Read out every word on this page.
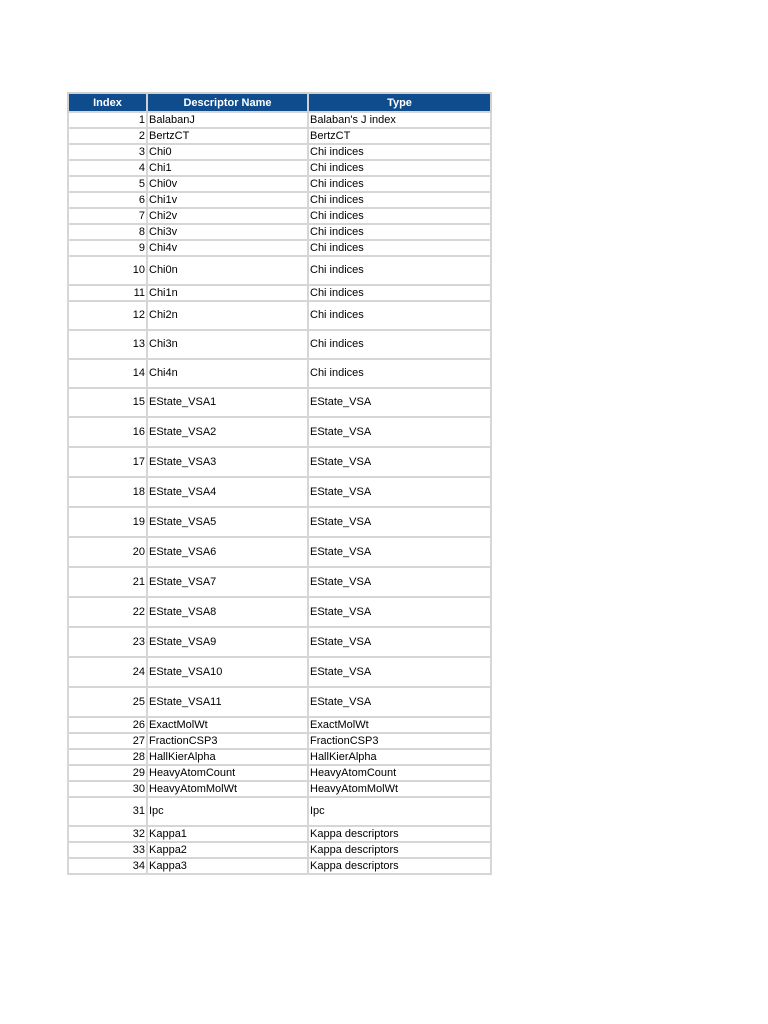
Index	Descriptor Name	Type
1	BalabanJ	Balaban's J index
2	BertzCT	BertzCT
3	Chi0	Chi indices
4	Chi1	Chi indices
5	Chi0v	Chi indices
6	Chi1v	Chi indices
7	Chi2v	Chi indices
8	Chi3v	Chi indices
9	Chi4v	Chi indices
10	Chi0n	Chi indices
11	Chi1n	Chi indices
12	Chi2n	Chi indices
13	Chi3n	Chi indices
14	Chi4n	Chi indices
15	EState_VSA1	EState_VSA
16	EState_VSA2	EState_VSA
17	EState_VSA3	EState_VSA
18	EState_VSA4	EState_VSA
19	EState_VSA5	EState_VSA
20	EState_VSA6	EState_VSA
21	EState_VSA7	EState_VSA
22	EState_VSA8	EState_VSA
23	EState_VSA9	EState_VSA
24	EState_VSA10	EState_VSA
25	EState_VSA11	EState_VSA
26	ExactMolWt	ExactMolWt
27	FractionCSP3	FractionCSP3
28	HallKierAlpha	HallKierAlpha
29	HeavyAtomCount	HeavyAtomCount
30	HeavyAtomMolWt	HeavyAtomMolWt
31	Ipc	Ipc
32	Kappa1	Kappa descriptors
33	Kappa2	Kappa descriptors
34	Kappa3	Kappa descriptors
